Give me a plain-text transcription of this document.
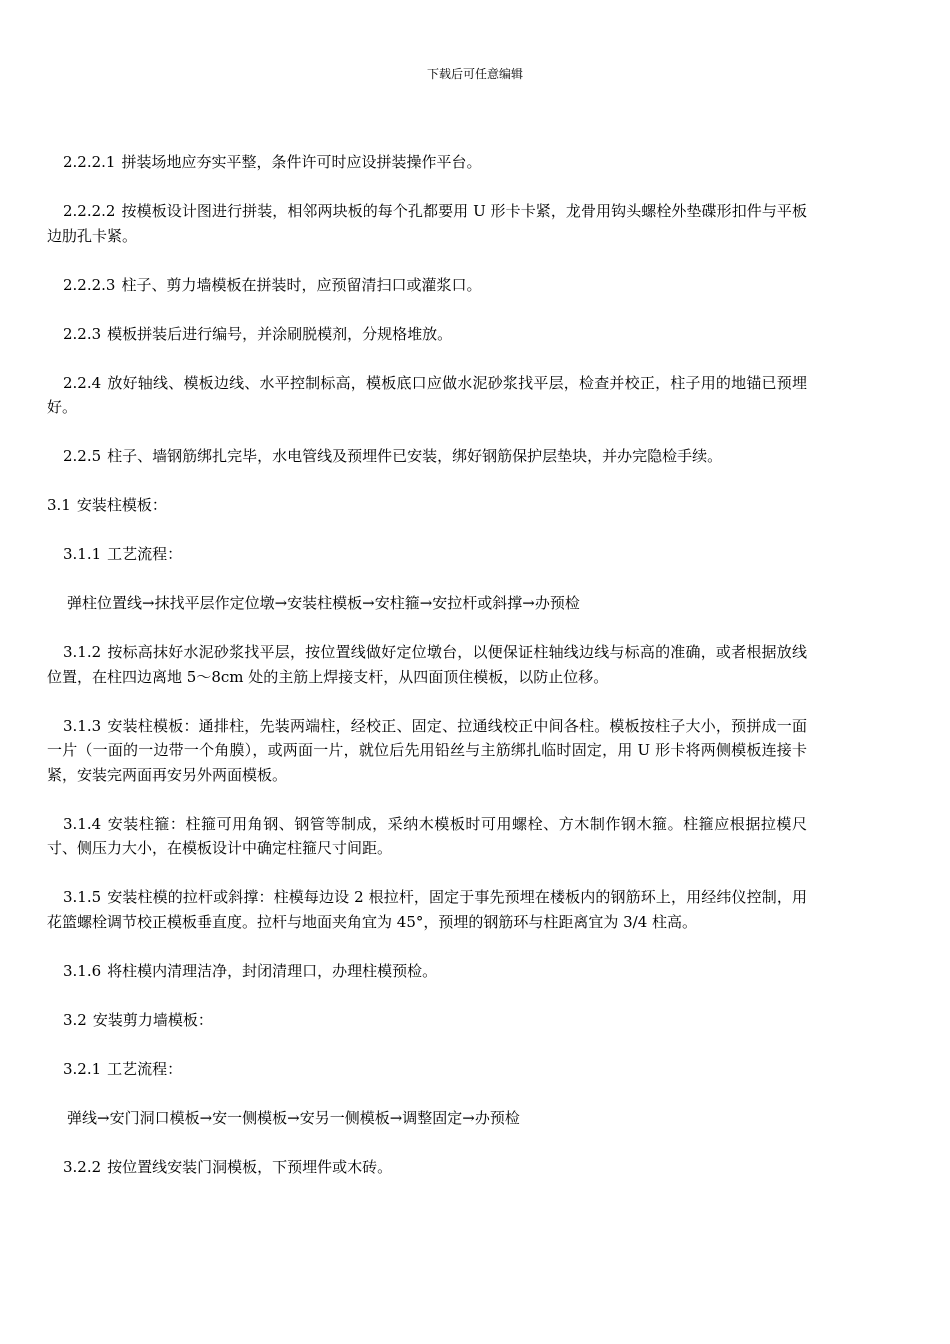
下载后可任意编辑

2.2.2.1 拼装场地应夯实平整，条件许可时应设拼装操作平台。

2.2.2.2 按模板设计图进行拼装，相邻两块板的每个孔都要用 U 形卡卡紧，龙骨用钩头螺栓外垫碟形扣件与平板边肋孔卡紧。

2.2.2.3 柱子、剪力墙模板在拼装时，应预留清扫口或灌浆口。

2.2.3 模板拼装后进行编号，并涂刷脱模剂，分规格堆放。

2.2.4 放好轴线、模板边线、水平控制标高，模板底口应做水泥砂浆找平层，检查并校正，柱子用的地锚已预埋好。

2.2.5 柱子、墙钢筋绑扎完毕，水电管线及预埋件已安装，绑好钢筋保护层垫块，并办完隐检手续。

3.1 安装柱模板：

3.1.1 工艺流程：

弹柱位置线→抹找平层作定位墩→安装柱模板→安柱箍→安拉杆或斜撑→办预检

3.1.2 按标高抹好水泥砂浆找平层，按位置线做好定位墩台，以便保证柱轴线边线与标高的准确，或者根据放线位置，在柱四边离地 5～8cm 处的主筋上焊接支杆，从四面顶住模板，以防止位移。

3.1.3 安装柱模板：通排柱，先装两端柱，经校正、固定、拉通线校正中间各柱。模板按柱子大小，预拼成一面一片（一面的一边带一个角膜），或两面一片，就位后先用铅丝与主筋绑扎临时固定，用 U 形卡将两侧模板连接卡紧，安装完两面再安另外两面模板。

3.1.4 安装柱箍：柱箍可用角钢、钢管等制成，采纳木模板时可用螺栓、方木制作钢木箍。柱箍应根据拉模尺寸、侧压力大小，在模板设计中确定柱箍尺寸间距。

3.1.5 安装柱模的拉杆或斜撑：柱模每边设 2 根拉杆，固定于事先预埋在楼板内的钢筋环上，用经纬仪控制，用花篮螺栓调节校正模板垂直度。拉杆与地面夹角宜为 45°，预埋的钢筋环与柱距离宜为 3/4 柱高。

3.1.6 将柱模内清理洁净，封闭清理口，办理柱模预检。

3.2 安装剪力墙模板：

3.2.1 工艺流程：

弹线→安门洞口模板→安一侧模板→安另一侧模板→调整固定→办预检

3.2.2 按位置线安装门洞模板，下预埋件或木砖。
